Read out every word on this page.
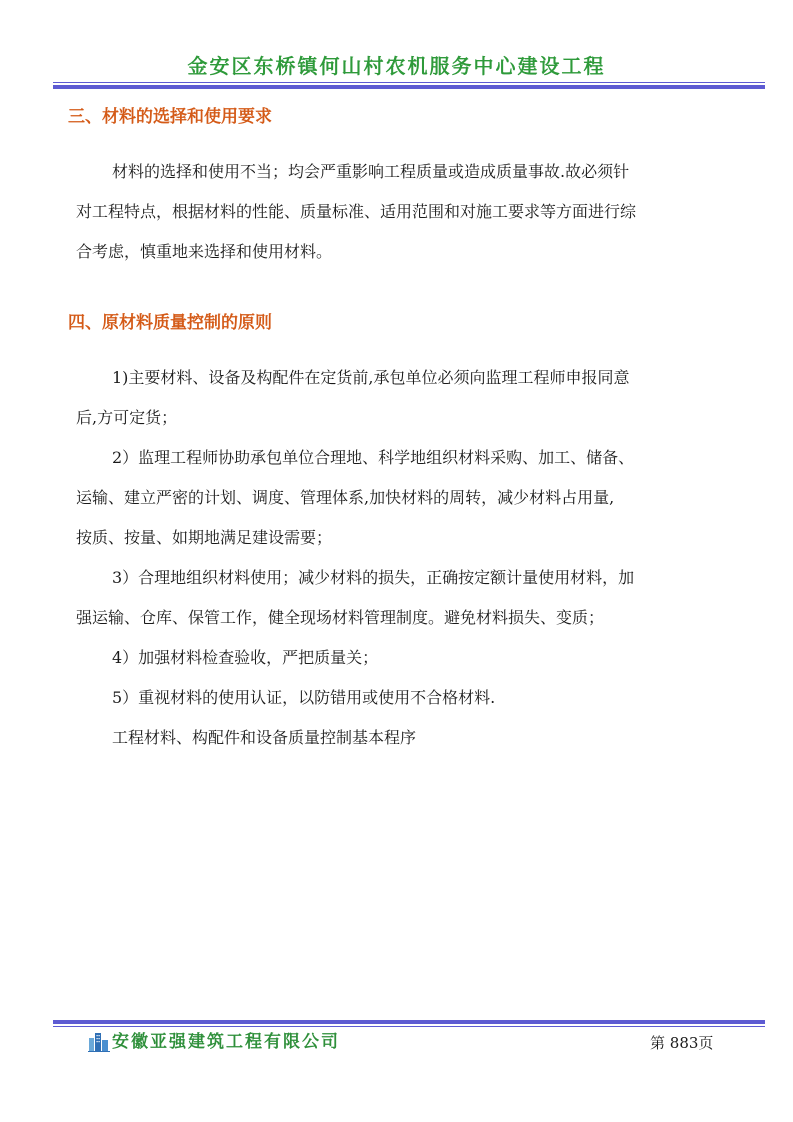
金安区东桥镇何山村农机服务中心建设工程
三、材料的选择和使用要求
材料的选择和使用不当；均会严重影响工程质量或造成质量事故.故必须针
对工程特点，根据材料的性能、质量标准、适用范围和对施工要求等方面进行综
合考虑，慎重地来选择和使用材料。
四、原材料质量控制的原则
1)主要材料、设备及构配件在定货前,承包单位必须向监理工程师申报同意
后,方可定货；
2）监理工程师协助承包单位合理地、科学地组织材料采购、加工、储备、
运输、建立严密的计划、调度、管理体系,加快材料的周转，减少材料占用量,
按质、按量、如期地满足建设需要；
3）合理地组织材料使用；减少材料的损失，正确按定额计量使用材料，加
强运输、仓库、保管工作，健全现场材料管理制度。避免材料损失、变质；
4）加强材料检查验收，严把质量关；
5）重视材料的使用认证，以防错用或使用不合格材料.
工程材料、构配件和设备质量控制基本程序
安徽亚强建筑工程有限公司	第 883页
